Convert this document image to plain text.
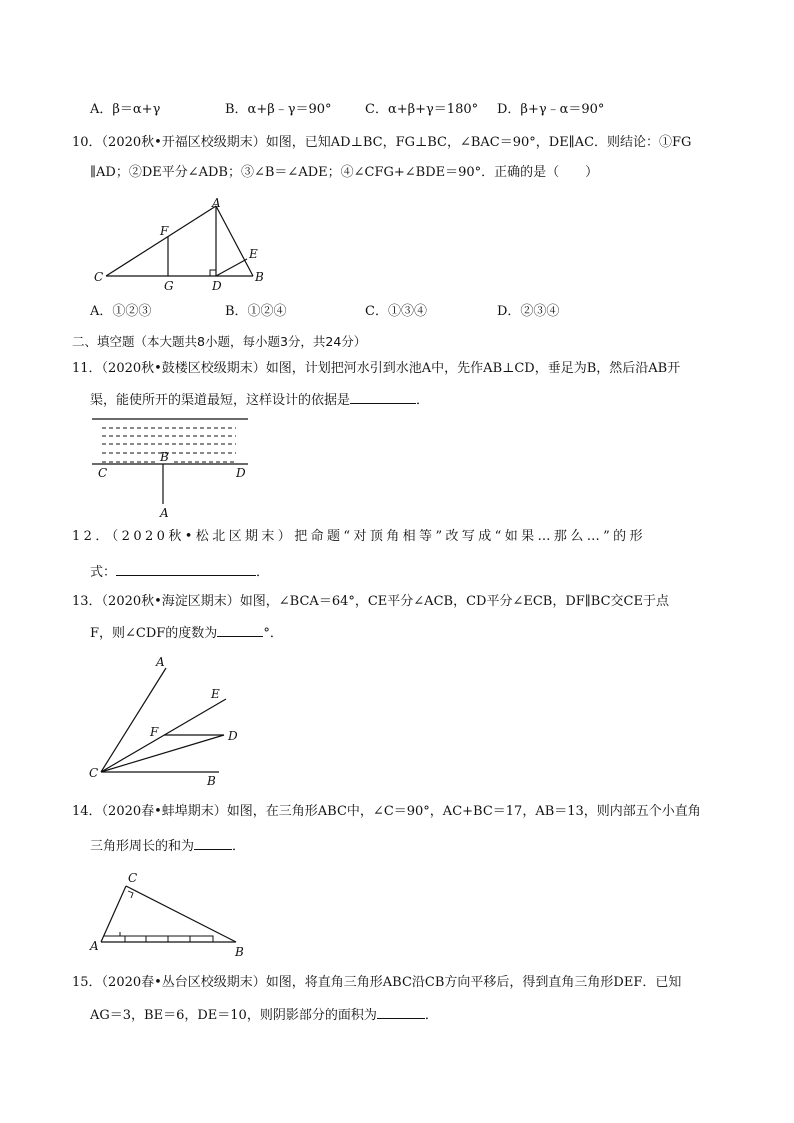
A．β＝α+γ	B．α+β﹣γ＝90°	C．α+β+γ＝180° D．β+γ﹣α＝90°
10．（2020秋•开福区校级期末）如图，已知AD⊥BC，FG⊥BC，∠BAC＝90°，DE∥AC．则结论：①FG
∥AD；②DE平分∠ADB；③∠B＝∠ADE；④∠CFG+∠BDE＝90°．正确的是（　　）
A
F
E
C
G	D
B
A．①②③	B．①②④	C．①③④	D．②③④
二、填空题（本大题共8小题，每小题3分，共24分）
11．（2020秋•鼓楼区校级期末）如图，计划把河水引到水池A中，先作AB⊥CD，垂足为B，然后沿AB开
渠，能使所开的渠道最短，这样设计的依据是	．
B
C	D
A
12．（2020秋•松北区期末）把命题“对顶角相等”改写成“如果…那么…”的形
式：	．
13．（2020秋•海淀区期末）如图，∠BCA＝64°，CE平分∠ACB，CD平分∠ECB，DF∥BC交CE于点
F，则∠CDF的度数为	°．
A
E
F	D
C
B
14．（2020春•蚌埠期末）如图，在三角形ABC中，∠C＝90°，AC+BC＝17，AB＝13，则内部五个小直角
三角形周长的和为	．
C
A	B
15．（2020春•丛台区校级期末）如图，将直角三角形ABC沿CB方向平移后，得到直角三角形DEF．已知
AG＝3，BE＝6，DE＝10，则阴影部分的面积为	．
